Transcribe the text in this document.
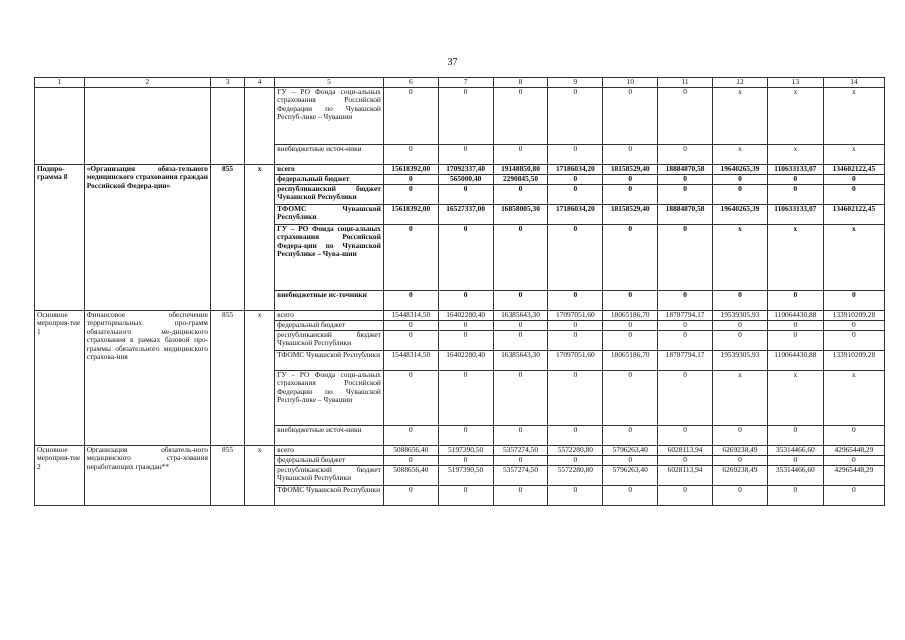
37
1	2	3	4	5	6	7	8	9	10	11	12	13	14
				ГУ – РО Фонда соци-альных страхования Российской Федерации по Чувашской Респуб-лике – Чувашии	0	0	0	0	0	0	x	x	x
				внебюджетные источ-ники	0	0	0	0	0	0	x	x	x
Подпро-грамма 8	«Организация обяза-тельного медицинского страхования граждан Российской Федера-ции»	855	x	всего	15618392,00	17092337,40	19148850,80	17186034,20	18158529,40	18884870,58	19640265,39	110633133,07	134602122,45
				федеральный бюджет	0	565000,40	2290845,50	0	0	0	0	0	0
				республиканский бюджет Чувашской Республики	0	0	0	0	0	0	0	0	0
				ТФОМС Чувашской Республики	15618392,00	16527337,00	16858005,30	17186034,20	18158529,40	18884870,58	19640265,39	110633133,07	134602122,45
				ГУ – РО Фонда соци-альных страхования Российской Федера-ции по Чувашской Республике – Чува-шии	0	0	0	0	0	0	x	x	x
				внебюджетные ис-точники	0	0	0	0	0	0	0	0	0
Основное мероприя-тие 1	Финансовое обеспечение территориальных про-грамм обязательного ме-дицинского страхования в рамках базовой про-граммы обязательного медицинского страхова-ния	855	x	всего	15448314,50	16402280,40	16385643,30	17097051,60	18065186,70	18787794,17	19539305,93	110064430,88	133910209,28
				федеральный бюджет	0	0	0	0	0	0	0	0	0
				республиканский бюджет Чувашской Республики	0	0	0	0	0	0	0	0	0
				ТФОМС Чувашской Республики	15448314,50	16402280,40	16385643,30	17097051,60	18065186,70	18787794,17	19539305,93	110064430,88	133910209,28
				ГУ - РО Фонда соци-альных страхования Российской Федерации по Чувашской Респуб-лике – Чувашии	0	0	0	0	0	0	x	x	x
				внебюджетные источ-ники	0	0	0	0	0	0	0	0	0
Основное мероприя-тие 2	Организация обязатель-ного медицинского стра-хования неработающих граждан**	855	x	всего	5088656,40	5197390,50	5357274,50	5572280,80	5796263,40	6028113,94	6269238,49	35314466,60	42965448,29
				федеральный бюджет	0	0	0	0	0	0	0	0	0
				республиканский бюджет Чувашской Республики	5088656,40	5197390,50	5357274,50	5572280,80	5796263,40	6028113,94	6269238,49	35314466,60	42965448,29
				ТФОМС Чувашской Республики	0	0	0	0	0	0	0	0	0
